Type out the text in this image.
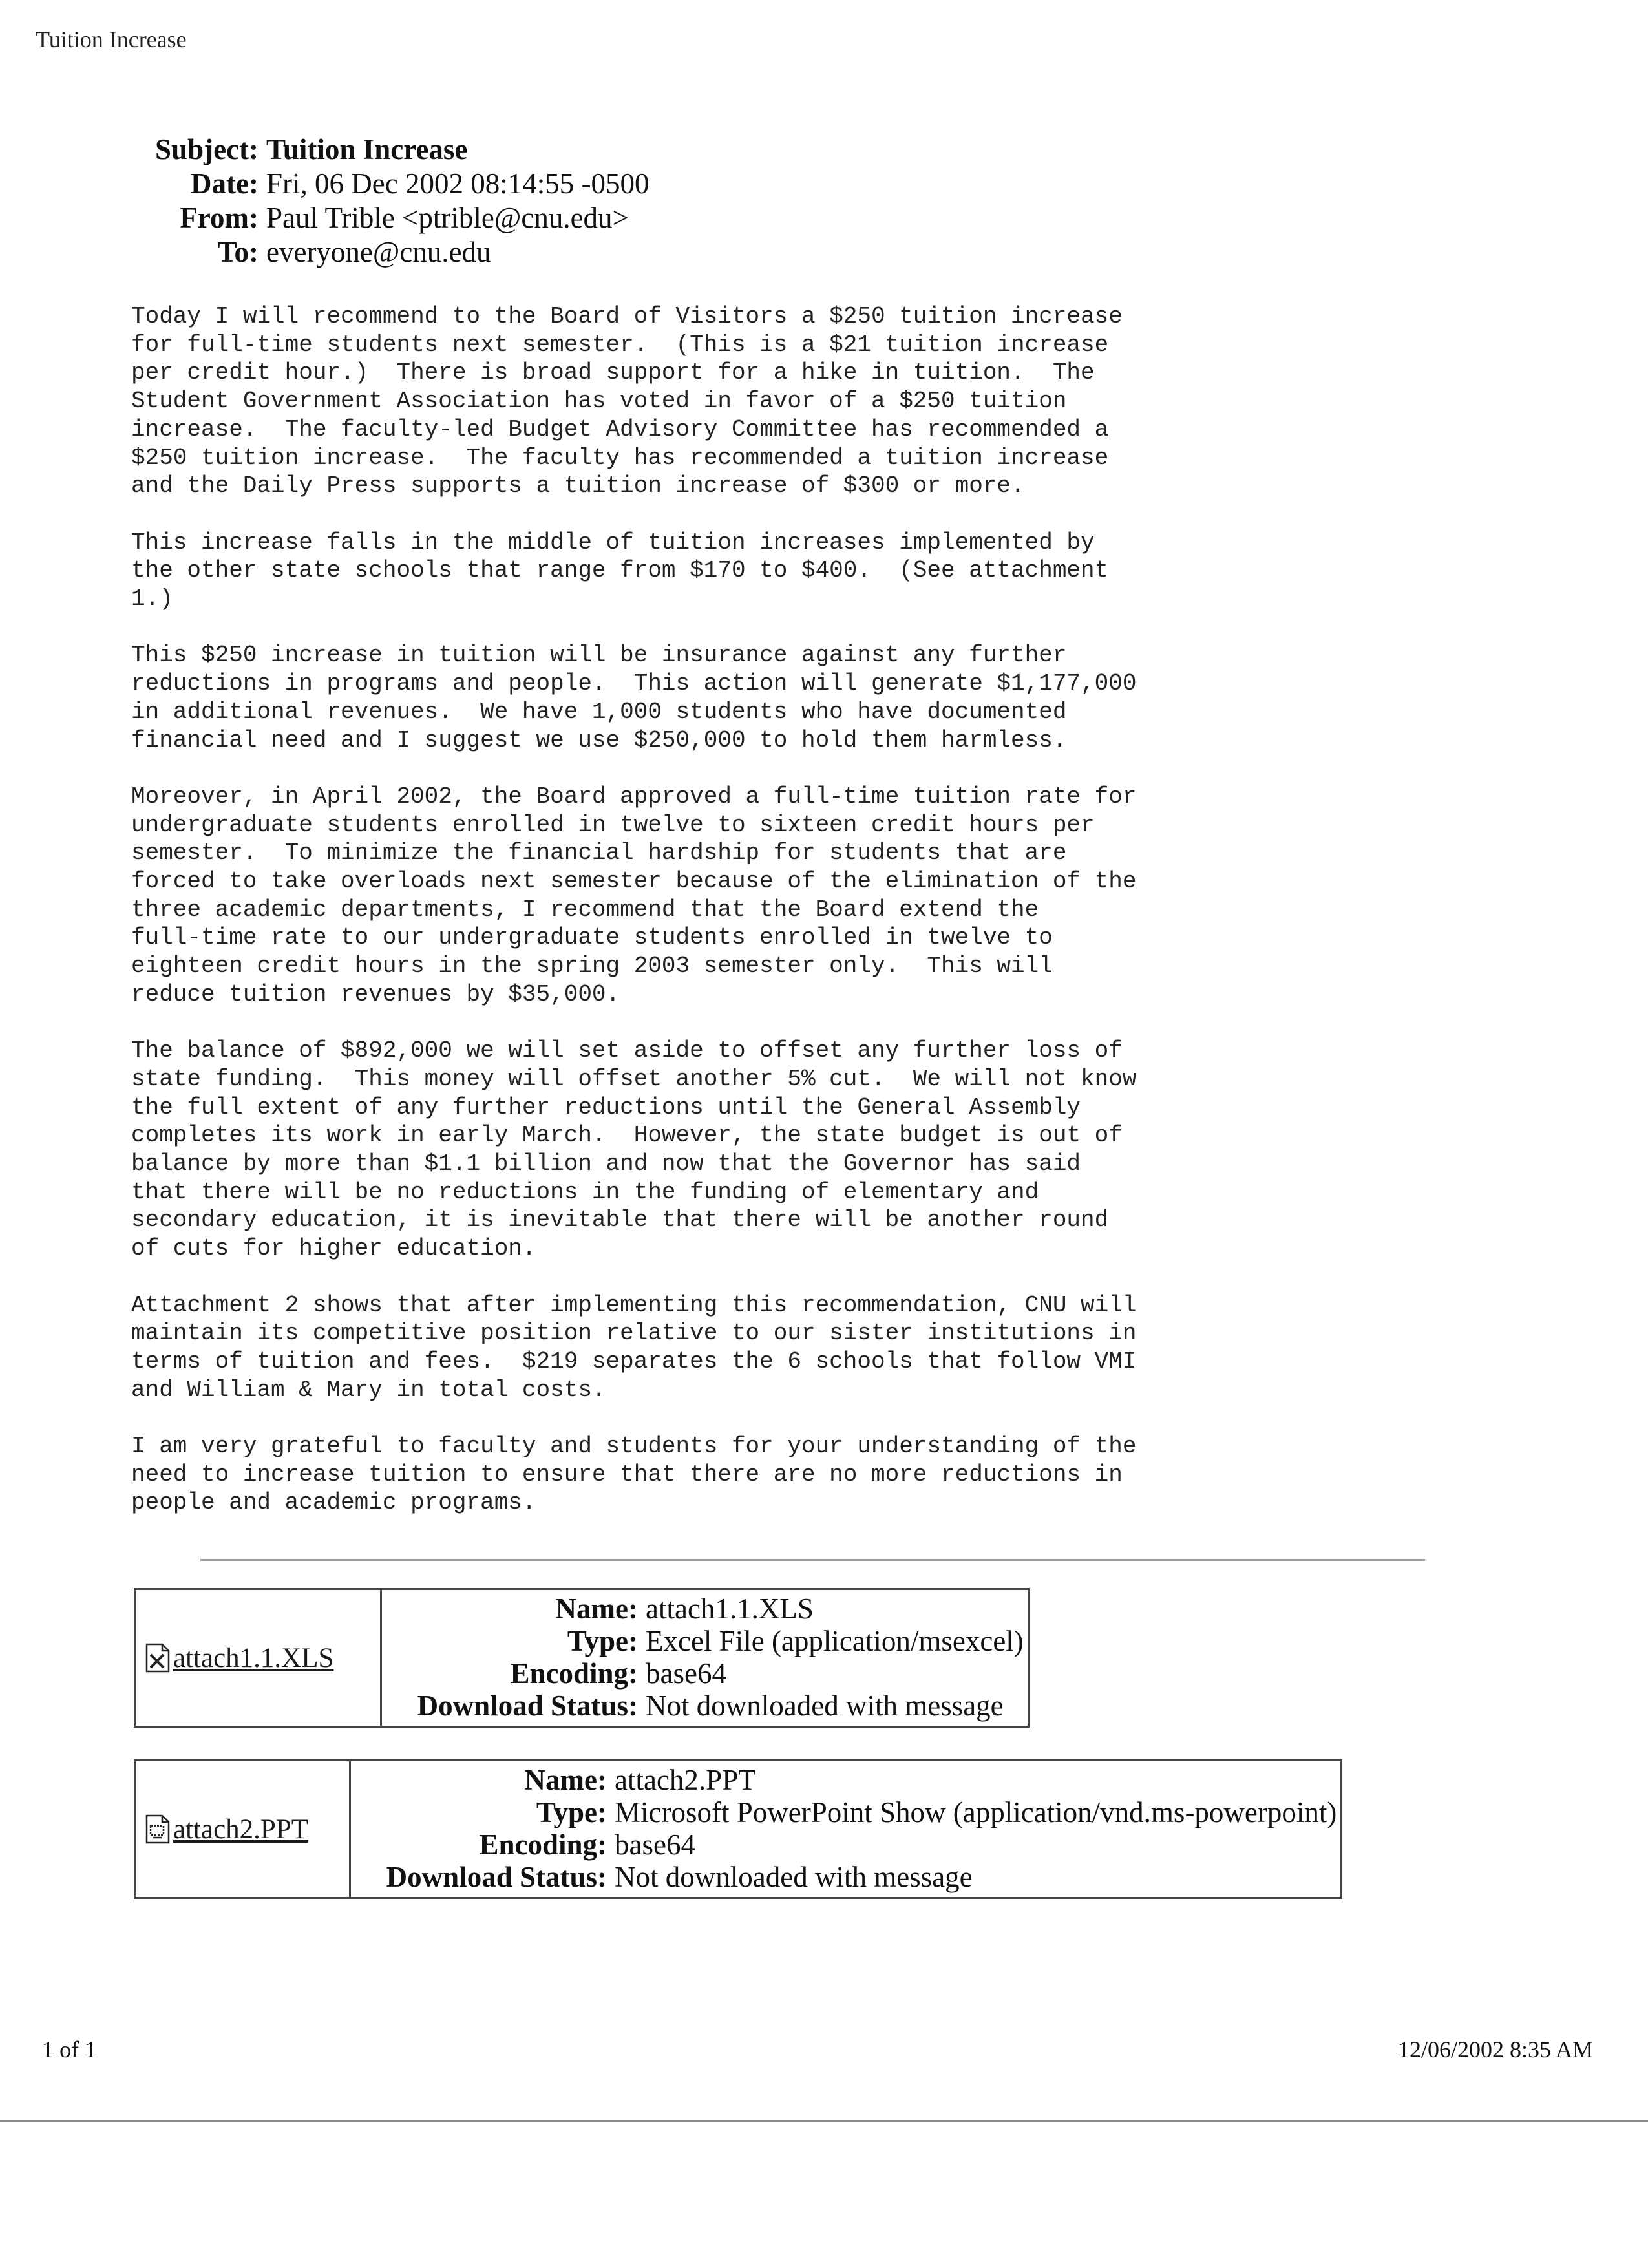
Tuition Increase
Subject: Tuition Increase
Date: Fri, 06 Dec 2002 08:14:55 -0500
From: Paul Trible <ptrible@cnu.edu>
To: everyone@cnu.edu

Today I will recommend to the Board of Visitors a $250 tuition increase
for full-time students next semester.  (This is a $21 tuition increase
per credit hour.)  There is broad support for a hike in tuition.  The
Student Government Association has voted in favor of a $250 tuition
increase.  The faculty-led Budget Advisory Committee has recommended a
$250 tuition increase.  The faculty has recommended a tuition increase
and the Daily Press supports a tuition increase of $300 or more.

This increase falls in the middle of tuition increases implemented by
the other state schools that range from $170 to $400.  (See attachment
1.)

This $250 increase in tuition will be insurance against any further
reductions in programs and people.  This action will generate $1,177,000
in additional revenues.  We have 1,000 students who have documented
financial need and I suggest we use $250,000 to hold them harmless.

Moreover, in April 2002, the Board approved a full-time tuition rate for
undergraduate students enrolled in twelve to sixteen credit hours per
semester.  To minimize the financial hardship for students that are
forced to take overloads next semester because of the elimination of the
three academic departments, I recommend that the Board extend the
full-time rate to our undergraduate students enrolled in twelve to
eighteen credit hours in the spring 2003 semester only.  This will
reduce tuition revenues by $35,000.

The balance of $892,000 we will set aside to offset any further loss of
state funding.  This money will offset another 5% cut.  We will not know
the full extent of any further reductions until the General Assembly
completes its work in early March.  However, the state budget is out of
balance by more than $1.1 billion and now that the Governor has said
that there will be no reductions in the funding of elementary and
secondary education, it is inevitable that there will be another round
of cuts for higher education.

Attachment 2 shows that after implementing this recommendation, CNU will
maintain its competitive position relative to our sister institutions in
terms of tuition and fees.  $219 separates the 6 schools that follow VMI
and William & Mary in total costs.

I am very grateful to faculty and students for your understanding of the
need to increase tuition to ensure that there are no more reductions in
people and academic programs.

attach1.1.XLS
Name: attach1.1.XLS
Type: Excel File (application/msexcel)
Encoding: base64
Download Status: Not downloaded with message
attach2.PPT
Name: attach2.PPT
Type: Microsoft PowerPoint Show (application/vnd.ms-powerpoint)
Encoding: base64
Download Status: Not downloaded with message
1 of 1	12/06/2002 8:35 AM
